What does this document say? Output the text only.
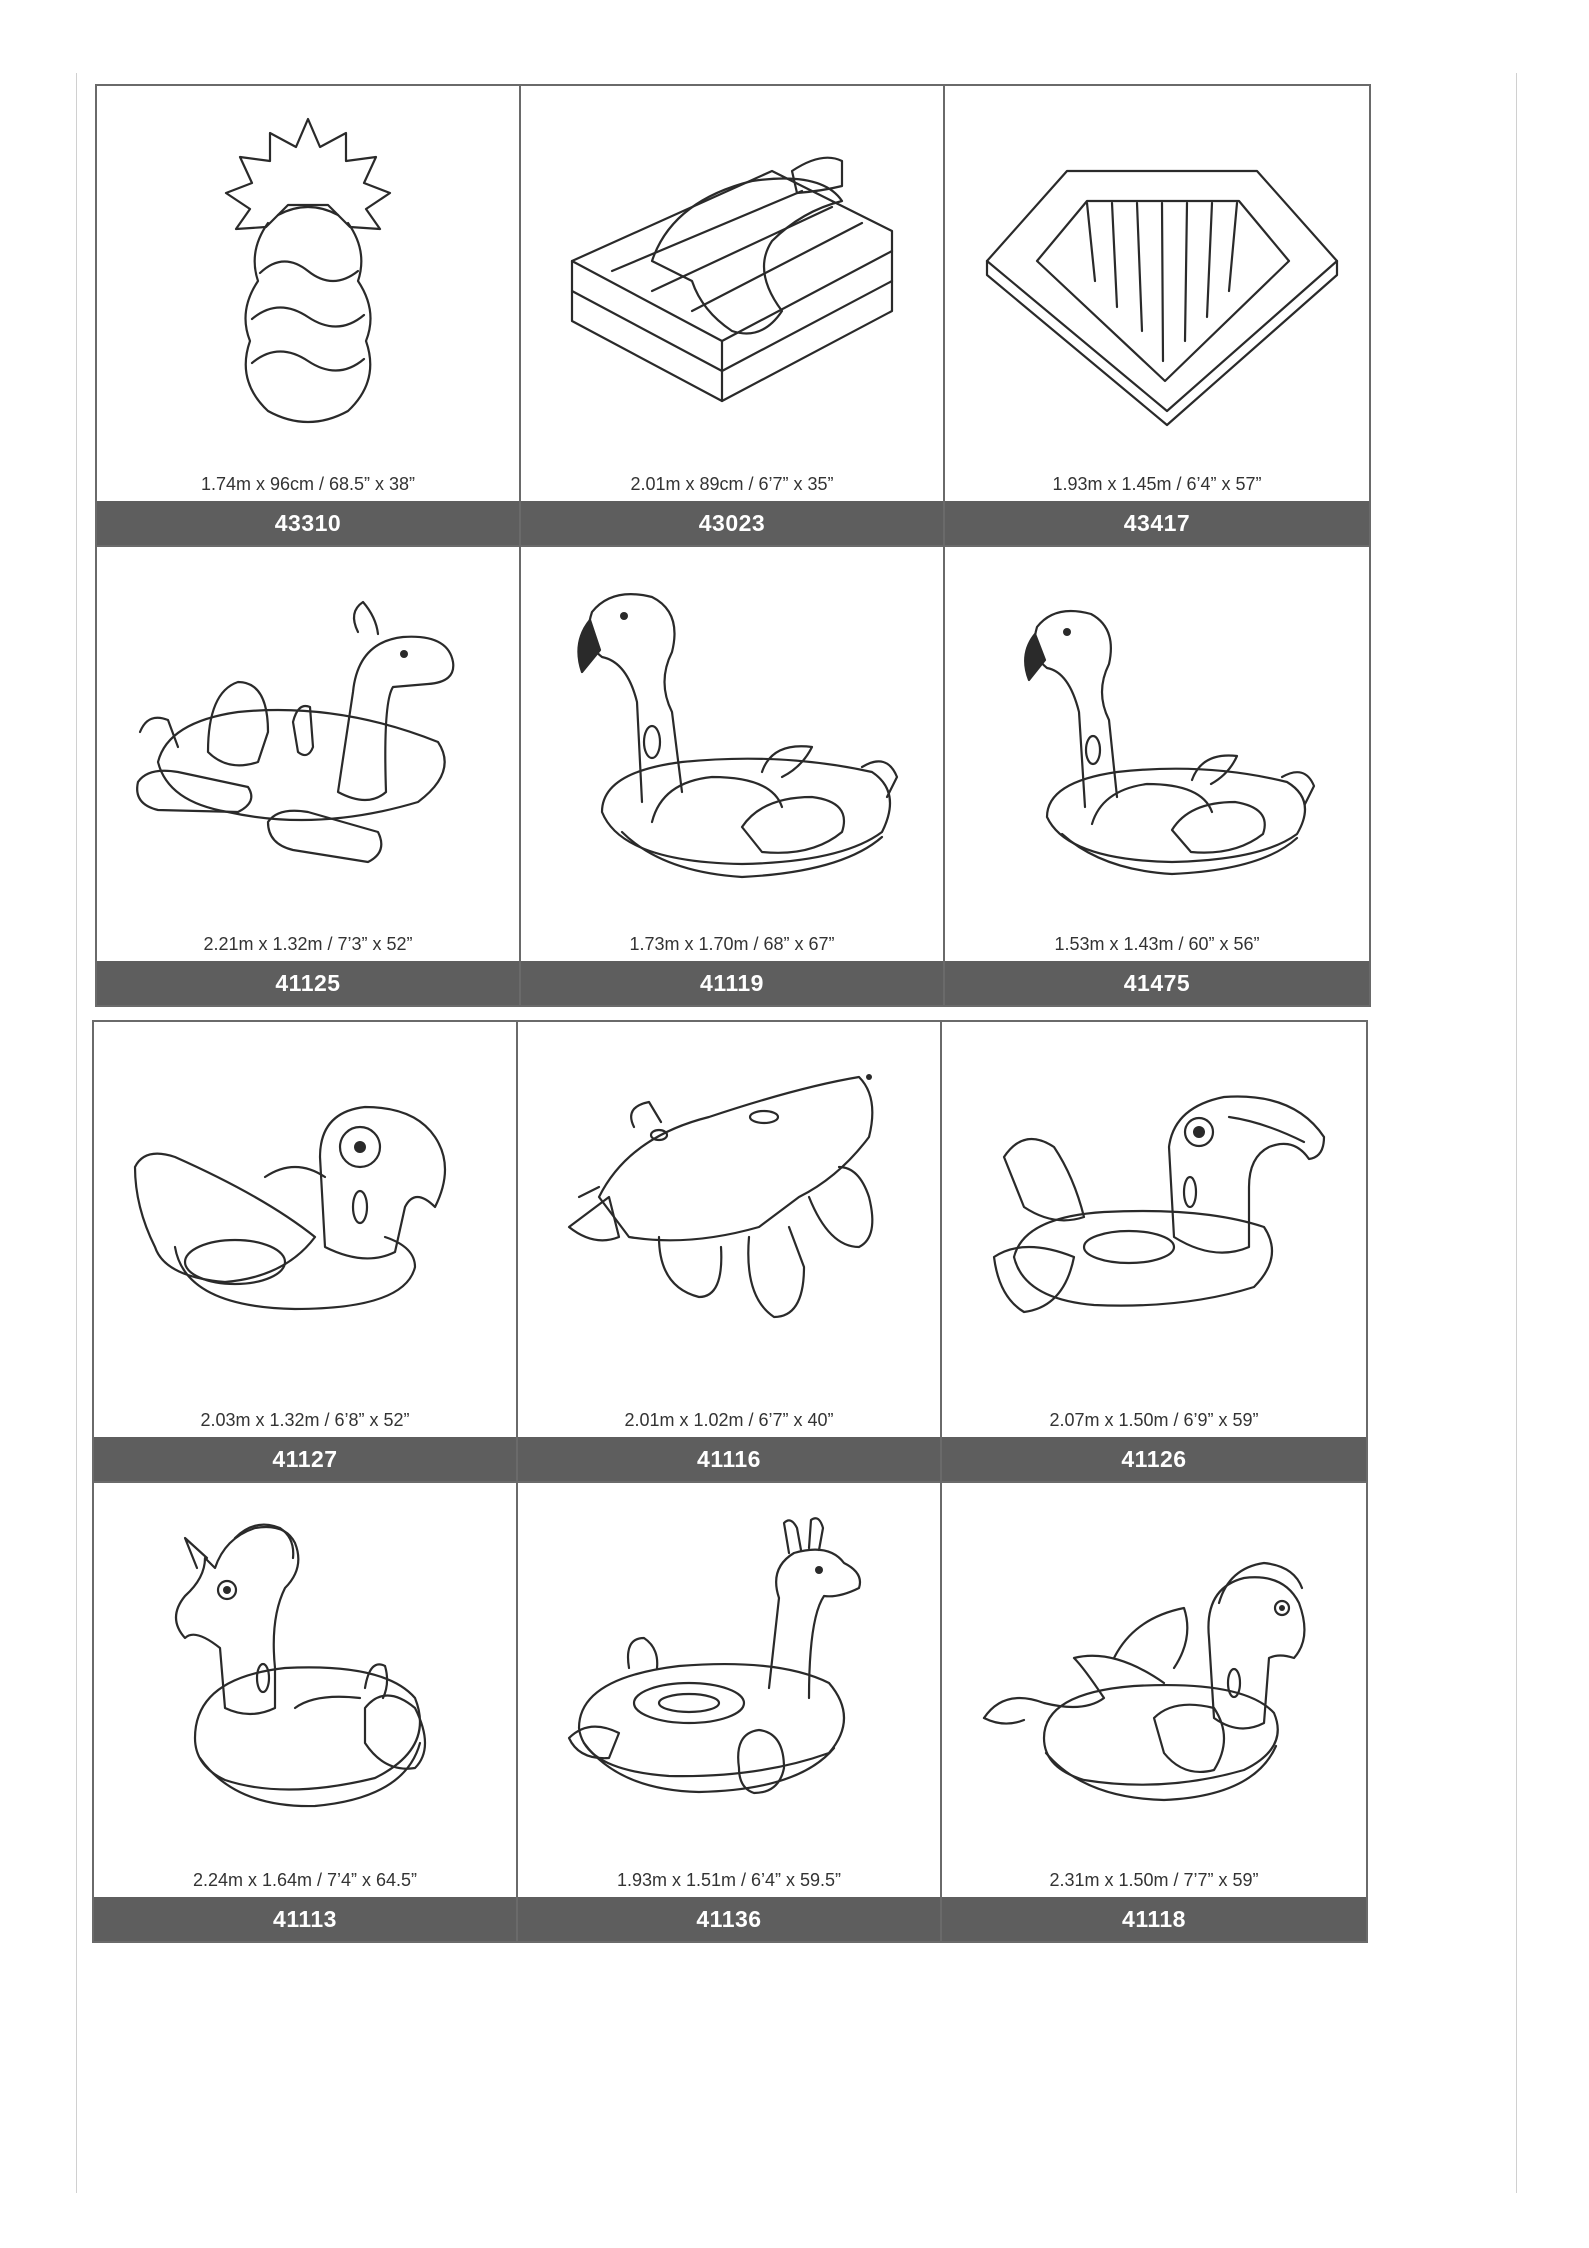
1.74m x 96cm / 68.5” x 38”
43310
2.01m x 89cm / 6’7” x 35”
43023
1.93m x 1.45m / 6’4” x 57”
43417
2.21m x 1.32m / 7’3” x 52”
41125
1.73m x 1.70m / 68” x 67”
41119
1.53m x 1.43m / 60” x 56”
41475
2.03m x 1.32m / 6’8” x 52”
41127
2.01m x 1.02m / 6’7” x 40”
41116
2.07m x 1.50m / 6’9” x 59”
41126
2.24m x 1.64m / 7’4” x 64.5”
41113
1.93m x 1.51m / 6’4” x 59.5”
41136
2.31m x 1.50m / 7’7” x 59”
41118
